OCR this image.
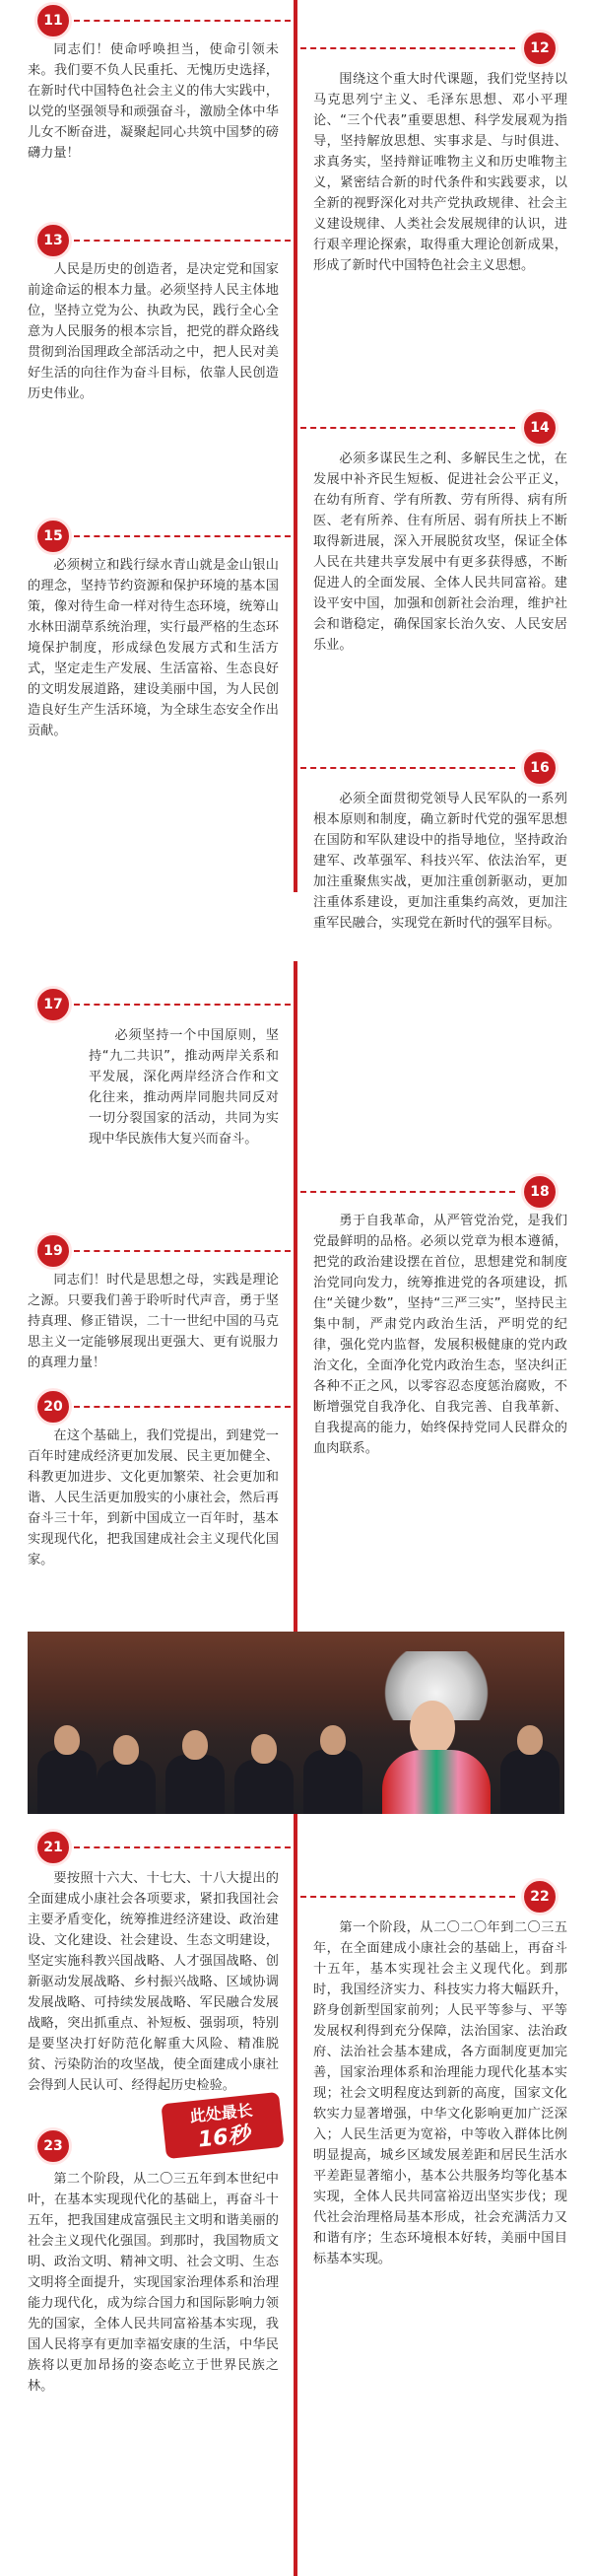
11

同志们！使命呼唤担当，使命引领未来。我们要不负人民重托、无愧历史选择，在新时代中国特色社会主义的伟大实践中，以党的坚强领导和顽强奋斗，激励全体中华儿女不断奋进，凝聚起同心共筑中国梦的磅礴力量！

12

围绕这个重大时代课题，我们党坚持以马克思列宁主义、毛泽东思想、邓小平理论、“三个代表”重要思想、科学发展观为指导，坚持解放思想、实事求是、与时俱进、求真务实，坚持辩证唯物主义和历史唯物主义，紧密结合新的时代条件和实践要求，以全新的视野深化对共产党执政规律、社会主义建设规律、人类社会发展规律的认识，进行艰辛理论探索，取得重大理论创新成果，形成了新时代中国特色社会主义思想。

13

人民是历史的创造者，是决定党和国家前途命运的根本力量。必须坚持人民主体地位，坚持立党为公、执政为民，践行全心全意为人民服务的根本宗旨，把党的群众路线贯彻到治国理政全部活动之中，把人民对美好生活的向往作为奋斗目标，依靠人民创造历史伟业。

14

必须多谋民生之利、多解民生之忧，在发展中补齐民生短板、促进社会公平正义，在幼有所育、学有所教、劳有所得、病有所医、老有所养、住有所居、弱有所扶上不断取得新进展，深入开展脱贫攻坚，保证全体人民在共建共享发展中有更多获得感，不断促进人的全面发展、全体人民共同富裕。建设平安中国，加强和创新社会治理，维护社会和谐稳定，确保国家长治久安、人民安居乐业。

15

必须树立和践行绿水青山就是金山银山的理念，坚持节约资源和保护环境的基本国策，像对待生命一样对待生态环境，统筹山水林田湖草系统治理，实行最严格的生态环境保护制度，形成绿色发展方式和生活方式，坚定走生产发展、生活富裕、生态良好的文明发展道路，建设美丽中国，为人民创造良好生产生活环境，为全球生态安全作出贡献。

16

必须全面贯彻党领导人民军队的一系列根本原则和制度，确立新时代党的强军思想在国防和军队建设中的指导地位，坚持政治建军、改革强军、科技兴军、依法治军，更加注重聚焦实战，更加注重创新驱动，更加注重体系建设，更加注重集约高效，更加注重军民融合，实现党在新时代的强军目标。

17

必须坚持一个中国原则，坚持“九二共识”，推动两岸关系和平发展，深化两岸经济合作和文化往来，推动两岸同胞共同反对一切分裂国家的活动，共同为实现中华民族伟大复兴而奋斗。

18

勇于自我革命，从严管党治党，是我们党最鲜明的品格。必须以党章为根本遵循，把党的政治建设摆在首位，思想建党和制度治党同向发力，统筹推进党的各项建设，抓住“关键少数”，坚持“三严三实”，坚持民主集中制，严肃党内政治生活，严明党的纪律，强化党内监督，发展积极健康的党内政治文化，全面净化党内政治生态，坚决纠正各种不正之风，以零容忍态度惩治腐败，不断增强党自我净化、自我完善、自我革新、自我提高的能力，始终保持党同人民群众的血肉联系。

19

同志们！时代是思想之母，实践是理论之源。只要我们善于聆听时代声音，勇于坚持真理、修正错误，二十一世纪中国的马克思主义一定能够展现出更强大、更有说服力的真理力量！

20

在这个基础上，我们党提出，到建党一百年时建成经济更加发展、民主更加健全、科教更加进步、文化更加繁荣、社会更加和谐、人民生活更加殷实的小康社会，然后再奋斗三十年，到新中国成立一百年时，基本实现现代化，把我国建成社会主义现代化国家。

21

要按照十六大、十七大、十八大提出的全面建成小康社会各项要求，紧扣我国社会主要矛盾变化，统筹推进经济建设、政治建设、文化建设、社会建设、生态文明建设，坚定实施科教兴国战略、人才强国战略、创新驱动发展战略、乡村振兴战略、区域协调发展战略、可持续发展战略、军民融合发展战略，突出抓重点、补短板、强弱项，特别是要坚决打好防范化解重大风险、精准脱贫、污染防治的攻坚战，使全面建成小康社会得到人民认可、经得起历史检验。

22

第一个阶段，从二〇二〇年到二〇三五年，在全面建成小康社会的基础上，再奋斗十五年，基本实现社会主义现代化。到那时，我国经济实力、科技实力将大幅跃升，跻身创新型国家前列；人民平等参与、平等发展权利得到充分保障，法治国家、法治政府、法治社会基本建成，各方面制度更加完善，国家治理体系和治理能力现代化基本实现；社会文明程度达到新的高度，国家文化软实力显著增强，中华文化影响更加广泛深入；人民生活更为宽裕，中等收入群体比例明显提高，城乡区域发展差距和居民生活水平差距显著缩小，基本公共服务均等化基本实现，全体人民共同富裕迈出坚实步伐；现代社会治理格局基本形成，社会充满活力又和谐有序；生态环境根本好转，美丽中国目标基本实现。

23
此处最长
16秒

第二个阶段，从二〇三五年到本世纪中叶，在基本实现现代化的基础上，再奋斗十五年，把我国建成富强民主文明和谐美丽的社会主义现代化强国。到那时，我国物质文明、政治文明、精神文明、社会文明、生态文明将全面提升，实现国家治理体系和治理能力现代化，成为综合国力和国际影响力领先的国家，全体人民共同富裕基本实现，我国人民将享有更加幸福安康的生活，中华民族将以更加昂扬的姿态屹立于世界民族之林。
